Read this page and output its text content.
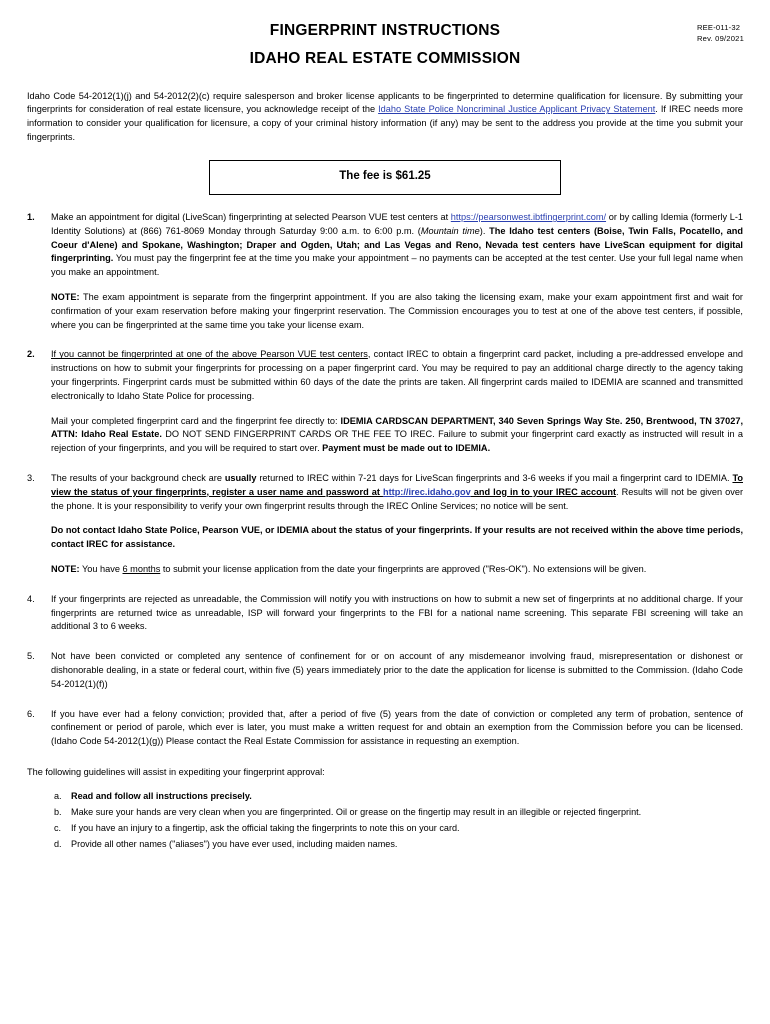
REE-011-32
Rev. 09/2021
FINGERPRINT INSTRUCTIONS
IDAHO REAL ESTATE COMMISSION
Idaho Code 54-2012(1)(j) and 54-2012(2)(c) require salesperson and broker license applicants to be fingerprinted to determine qualification for licensure. By submitting your fingerprints for consideration of real estate licensure, you acknowledge receipt of the Idaho State Police Noncriminal Justice Applicant Privacy Statement. If IREC needs more information to consider your qualification for licensure, a copy of your criminal history information (if any) may be sent to the address you provide at the time you submit your fingerprints.
The fee is $61.25
1.	Make an appointment for digital (LiveScan) fingerprinting at selected Pearson VUE test centers at https://pearsonwest.ibtfingerprint.com/ or by calling Idemia (formerly L-1 Identity Solutions) at (866) 761-8069 Monday through Saturday 9:00 a.m. to 6:00 p.m. (Mountain time). The Idaho test centers (Boise, Twin Falls, Pocatello, and Coeur d'Alene) and Spokane, Washington; Draper and Ogden, Utah; and Las Vegas and Reno, Nevada test centers have LiveScan equipment for digital fingerprinting. You must pay the fingerprint fee at the time you make your appointment – no payments can be accepted at the test center. Use your full legal name when you make an appointment.
NOTE: The exam appointment is separate from the fingerprint appointment. If you are also taking the licensing exam, make your exam appointment first and wait for confirmation of your exam reservation before making your fingerprint reservation. The Commission encourages you to test at one of the above test centers, if possible, where you can be fingerprinted at the same time you take your license exam.
2.	If you cannot be fingerprinted at one of the above Pearson VUE test centers, contact IREC to obtain a fingerprint card packet, including a pre-addressed envelope and instructions on how to submit your fingerprints for processing on a paper fingerprint card. You may be required to pay an additional charge directly to the agency taking your fingerprints. Fingerprint cards must be submitted within 60 days of the date the prints are taken. All fingerprint cards mailed to IDEMIA are scanned and transmitted electronically to Idaho State Police for processing.
Mail your completed fingerprint card and the fingerprint fee directly to: IDEMIA CARDSCAN DEPARTMENT, 340 Seven Springs Way Ste. 250, Brentwood, TN 37027, ATTN: Idaho Real Estate. DO NOT SEND FINGERPRINT CARDS OR THE FEE TO IREC. Failure to submit your fingerprint card exactly as instructed will result in a rejection of your fingerprints, and you will be required to start over. Payment must be made out to IDEMIA.
3.	The results of your background check are usually returned to IREC within 7-21 days for LiveScan fingerprints and 3-6 weeks if you mail a fingerprint card to IDEMIA. To view the status of your fingerprints, register a user name and password at http://irec.idaho.gov and log in to your IREC account. Results will not be given over the phone. It is your responsibility to verify your own fingerprint results through the IREC Online Services; no notice will be sent.
Do not contact Idaho State Police, Pearson VUE, or IDEMIA about the status of your fingerprints. If your results are not received within the above time periods, contact IREC for assistance.
NOTE: You have 6 months to submit your license application from the date your fingerprints are approved ("Res-OK"). No extensions will be given.
4.	If your fingerprints are rejected as unreadable, the Commission will notify you with instructions on how to submit a new set of fingerprints at no additional charge. If your fingerprints are returned twice as unreadable, ISP will forward your fingerprints to the FBI for a national name screening. This separate FBI screening will take an additional 3 to 6 weeks.
5.	Not have been convicted or completed any sentence of confinement for or on account of any misdemeanor involving fraud, misrepresentation or dishonest or dishonorable dealing, in a state or federal court, within five (5) years immediately prior to the date the application for license is submitted to the Commission. (Idaho Code 54-2012(1)(f))
6.	If you have ever had a felony conviction; provided that, after a period of five (5) years from the date of conviction or completed any term of probation, sentence of confinement or period of parole, which ever is later, you must make a written request for and obtain an exemption from the Commission before you can be licensed. (Idaho Code 54-2012(1)(g)) Please contact the Real Estate Commission for assistance in requesting an exemption.
The following guidelines will assist in expediting your fingerprint approval:
a.	Read and follow all instructions precisely.
b.	Make sure your hands are very clean when you are fingerprinted. Oil or grease on the fingertip may result in an illegible or rejected fingerprint.
c.	If you have an injury to a fingertip, ask the official taking the fingerprints to note this on your card.
d.	Provide all other names ("aliases") you have ever used, including maiden names.
